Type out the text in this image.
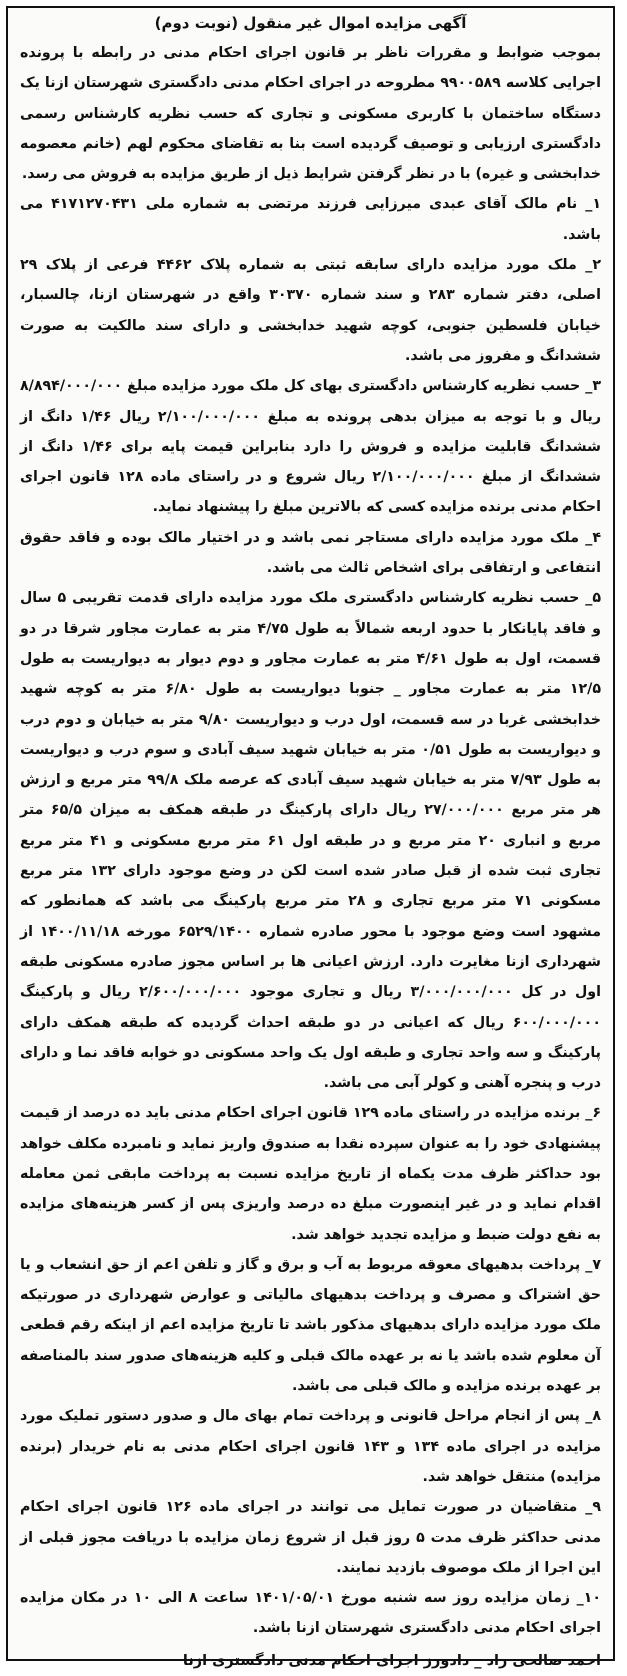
آگهی مزایده اموال غیر منقول (نوبت دوم)

بموجب ضوابط و مقررات ناظر بر قانون اجرای احکام مدنی در رابطه با پرونده اجرایی کلاسه ۹۹۰۰۵۸۹ مطروحه در اجرای احکام مدنی دادگستری شهرستان ازنا یک دستگاه ساختمان با کاربری مسکونی و تجاری که حسب نظریه کارشناس رسمی دادگستری ارزیابی و توصیف گردیده است بنا به تقاضای محکوم لهم (خانم معصومه خدابخشی و غیره) با در نظر گرفتن شرایط ذیل از طریق مزایده به فروش می رسد.

۱_ نام مالک آقای عبدی میرزایی فرزند مرتضی به شماره ملی ۴۱۷۱۲۷۰۴۳۱ می باشد.

۲_ ملک مورد مزایده دارای سابقه ثبتی به شماره پلاک ۴۴۶۲ فرعی از پلاک ۲۹ اصلی، دفتر شماره ۲۸۳ و سند شماره ۳۰۳۷۰ واقع در شهرستان ازنا، چالسبار، خیابان فلسطین جنوبی، کوچه شهید خدابخشی و دارای سند مالکیت به صورت ششدانگ و مفروز می باشد.

۳_ حسب نظریه کارشناس دادگستری بهای کل ملک مورد مزایده مبلغ ۸/۸۹۴/۰۰۰/۰۰۰ ریال و با توجه به میزان بدهی پرونده به مبلغ ۲/۱۰۰/۰۰۰/۰۰۰ ریال ۱/۴۶ دانگ از ششدانگ قابلیت مزایده و فروش را دارد بنابراین قیمت پایه برای ۱/۴۶ دانگ از ششدانگ از مبلغ ۲/۱۰۰/۰۰۰/۰۰۰ ریال شروع و در راستای ماده ۱۲۸ قانون اجرای احکام مدنی برنده مزایده کسی که بالاترین مبلغ را پیشنهاد نماید.

۴_ ملک مورد مزایده دارای مستاجر نمی باشد و در اختیار مالک بوده و فاقد حقوق انتفاعی و ارتفاقی برای اشخاص ثالث می باشد.

۵_ حسب نظریه کارشناس دادگستری ملک مورد مزایده دارای قدمت تقریبی ۵ سال و فاقد پایانکار با حدود اربعه شمالاً به طول ۴/۷۵ متر به عمارت مجاور شرقا در دو قسمت، اول به طول ۴/۶۱ متر به عمارت مجاور و دوم دیوار به دیواریست به طول ۱۲/۵ متر به عمارت مجاور _ جنوبا دیواریست به طول ۶/۸۰ متر به کوچه شهید خدابخشی غربا در سه قسمت، اول درب و دیواریست ۹/۸۰ متر به خیابان و دوم درب و دیواریست به طول ۰/۵۱ متر به خیابان شهید سیف آبادی و سوم درب و دیواریست به طول ۷/۹۳ متر به خیابان شهید سیف آبادی که عرصه ملک ۹۹/۸ متر مربع و ارزش هر متر مربع ۲۷/۰۰۰/۰۰۰ ریال دارای پارکینگ در طبقه همکف به میزان ۶۵/۵ متر مربع و انباری ۲۰ متر مربع و در طبقه اول ۶۱ متر مربع مسکونی و ۴۱ متر مربع تجاری ثبت شده از قبل صادر شده است لکن در وضع موجود دارای ۱۳۲ متر مربع مسکونی ۷۱ متر مربع تجاری و ۲۸ متر مربع پارکینگ می باشد که همانطور که مشهود است وضع موجود با محور صادره شماره ۶۵۲۹/۱۴۰۰ مورخه ۱۴۰۰/۱۱/۱۸ از شهرداری ازنا مغایرت دارد. ارزش اعیانی ها بر اساس مجوز صادره مسکونی طبقه اول در کل ۳/۰۰۰/۰۰۰/۰۰۰ ریال و تجاری موجود ۲/۶۰۰/۰۰۰/۰۰۰ ریال و پارکینگ ۶۰۰/۰۰۰/۰۰۰ ریال که اعیانی در دو طبقه احداث گردیده که طبقه همکف دارای پارکینگ و سه واحد تجاری و طبقه اول یک واحد مسکونی دو خوابه فاقد نما و دارای درب و پنجره آهنی و کولر آبی می باشد.

۶_ برنده مزایده در راستای ماده ۱۲۹ قانون اجرای احکام مدنی باید ده درصد از قیمت پیشنهادی خود را به عنوان سپرده نقدا به صندوق واریز نماید و نامبرده مکلف خواهد بود حداکثر ظرف مدت یکماه از تاریخ مزایده نسبت به پرداخت مابقی ثمن معامله اقدام نماید و در غیر اینصورت مبلغ ده درصد واریزی پس از کسر هزینه‌های مزایده به نفع دولت ضبط و مزایده تجدید خواهد شد.

۷_ پرداخت بدهیهای معوقه مربوط به آب و برق و گاز و تلفن اعم از حق انشعاب و یا حق اشتراک و مصرف و پرداخت بدهیهای مالیاتی و عوارض شهرداری در صورتیکه ملک مورد مزایده دارای بدهیهای مذکور باشد تا تاریخ مزایده اعم از اینکه رقم قطعی آن معلوم شده باشد یا نه بر عهده مالک قبلی و کلیه هزینه‌های صدور سند بالمناصفه بر عهده برنده مزایده و مالک قبلی می باشد.

۸_ پس از انجام مراحل قانونی و پرداخت تمام بهای مال و صدور دستور تملیک مورد مزایده در اجرای ماده ۱۳۴ و ۱۴۳ قانون اجرای احکام مدنی به نام خریدار (برنده مزایده) منتقل خواهد شد.

۹_ متقاضیان در صورت تمایل می توانند در اجرای ماده ۱۲۶ قانون اجرای احکام مدنی حداکثر ظرف مدت ۵ روز قبل از شروع زمان مزایده با دریافت مجوز قبلی از این اجرا از ملک موصوف بازدید نمایند.

۱۰_ زمان مزایده روز سه شنبه مورخ ۱۴۰۱/۰۵/۰۱ ساعت ۸ الی ۱۰ در مکان مزایده اجرای احکام مدنی دادگستری شهرستان ازنا باشد.

احمد صالحی راد _ دادورز اجرای احکام مدنی دادگستری ازنا
